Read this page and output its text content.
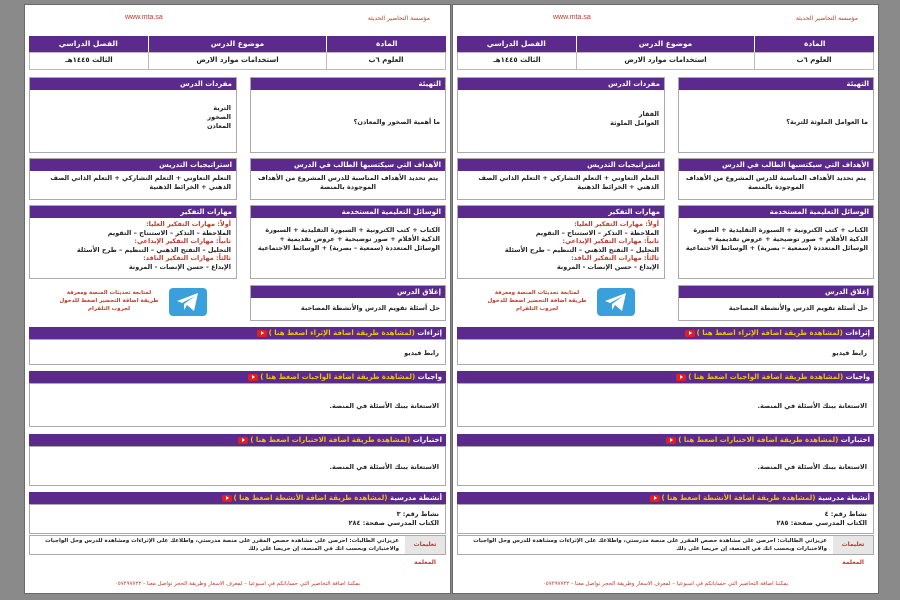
مؤسسة التحاضير الحديثة
www.mta.sa
المادة
موضوع الدرس
الفصل الدراسي
العلوم ٦ب
استخدامات موارد الارض
الثالث ١٤٤٥هـ
التهيئة
ما أهمية الصخور والمعادن؟
مفردات الدرس
التربة
الصخور
المعادن
الأهداف التي سيكتسبها الطالب في الدرس
يتم تحديد الأهداف المناسبة للدرس المشروع من الأهداف الموجودة بالمنصة
استراتيجيات التدريس
التعلم التعاوني + التعلم التشاركي + التعلم الذاتي الصف الذهني + الخرائط الذهنية
الوسائل التعليمية المستخدمة
الكتاب + كتب الكترونية + السبورة التقليدية + السبورة الذكية الأقلام + صور توضيحية + عروض تقديمية + الوسائل المتعددة (سمعية – بصرية) + الوسائط الاجتماعية
مهارات التفكير
أولاً: مهارات التفكير العليا:
الملاحظة – التذكر – الاستنتاج – التقويم
ثانياً: مهارات التفكير الإبداعي:
التحليل – التفتح الذهني – التنظيم – طرح الأسئلة
ثالثاً: مهارات التفكير الناقد:
الإبداع - حسن الإنصات - المرونة
إغلاق الدرس
حل أسئلة تقويم الدرس والأنشطة المصاحبة
لمتابعة تحديثات المنصة ومعرفة طريقة اضافة التحضير اضغط للدخول لجروب التلقرام
إثراءات (لمشاهدة طريقة اضافة الإثراء اضغط هنا )
رابط فيديو
واجبات (لمشاهدة طريقة اضافة الواجبات اضغط هنا )
الاستعانة ببنك الأسئلة في المنصة.
اختبارات (لمشاهدة طريقة اضافة الاختبارات اضغط هنا )
الاستعانة ببنك الأسئلة في المنصة.
أنشطة مدرسية (لمشاهدة طريقة اضافة الأنشطة اضغط هنا )
نشاط رقم: ٣
الكتاب المدرسي صفحة: ٢٨٤
تعليمات المعلمة
عزيزاتي الطالبات: احرصن على مشاهدة حصص المقرر على منصة مدرستي، واطلاعك على الإثراءات ومشاهدة للدرس وحل الواجبات والاختبارات وبحسب انك في المنصة، إن حريصا على ذلك
بمكننا اضافة التحاضير التي حساباتكم في اسبوعيا – لمعرف الاسعار وطريقة الحجز تواصل معنا - ٠٥٧٢٩٧٧٢٢
مؤسسة التحاضير الحديثة
www.mta.sa
المادة
موضوع الدرس
الفصل الدراسي
العلوم ٦ب
استخدامات موارد الارض
الثالث ١٤٤٥هـ
التهيئة
ما العوامل الملوثة للتربة؟
مفردات الدرس
الفقار
العوامل الملوثة
الأهداف التي سيكتسبها الطالب في الدرس
يتم تحديد الأهداف المناسبة للدرس المشروع من الأهداف الموجودة بالمنصة
استراتيجيات التدريس
التعلم التعاوني + التعلم التشاركي + التعلم الذاتي الصف الذهني + الخرائط الذهنية
الوسائل التعليمية المستخدمة
الكتاب + كتب الكترونية + السبورة التقليدية + السبورة الذكية الأقلام + صور توضيحية + عروض تقديمية + الوسائل المتعددة (سمعية – بصرية) + الوسائط الاجتماعية
مهارات التفكير
أولاً: مهارات التفكير العليا:
الملاحظة – التذكر – الاستنتاج – التقويم
ثانياً: مهارات التفكير الإبداعي:
التحليل – التفتح الذهني – التنظيم – طرح الأسئلة
ثالثاً: مهارات التفكير الناقد:
الإبداع - حسن الإنصات - المرونة
إغلاق الدرس
حل أسئلة تقويم الدرس والأنشطة المصاحبة
لمتابعة تحديثات المنصة ومعرفة طريقة اضافة التحضير اضغط للدخول لجروب التلقرام
إثراءات (لمشاهدة طريقة اضافة الإثراء اضغط هنا )
رابط فيديو
واجبات (لمشاهدة طريقة اضافة الواجبات اضغط هنا )
الاستعانة ببنك الأسئلة في المنصة.
اختبارات (لمشاهدة طريقة اضافة الاختبارات اضغط هنا )
الاستعانة ببنك الأسئلة في المنصة.
أنشطة مدرسية (لمشاهدة طريقة اضافة الأنشطة اضغط هنا )
نشاط رقم: ٤
الكتاب المدرسي صفحة: ٢٨٥
تعليمات المعلمة
عزيزاتي الطالبات: احرصن على مشاهدة حصص المقرر على منصة مدرستي، واطلاعك على الإثراءات ومشاهدة للدرس وحل الواجبات والاختبارات وبحسب انك في المنصة، إن حريصا على ذلك
بمكننا اضافة التحاضير التي حساباتكم في اسبوعيا – لمعرف الاسعار وطريقة الحجز تواصل معنا - ٠٥٧٢٩٧٧٢٢
